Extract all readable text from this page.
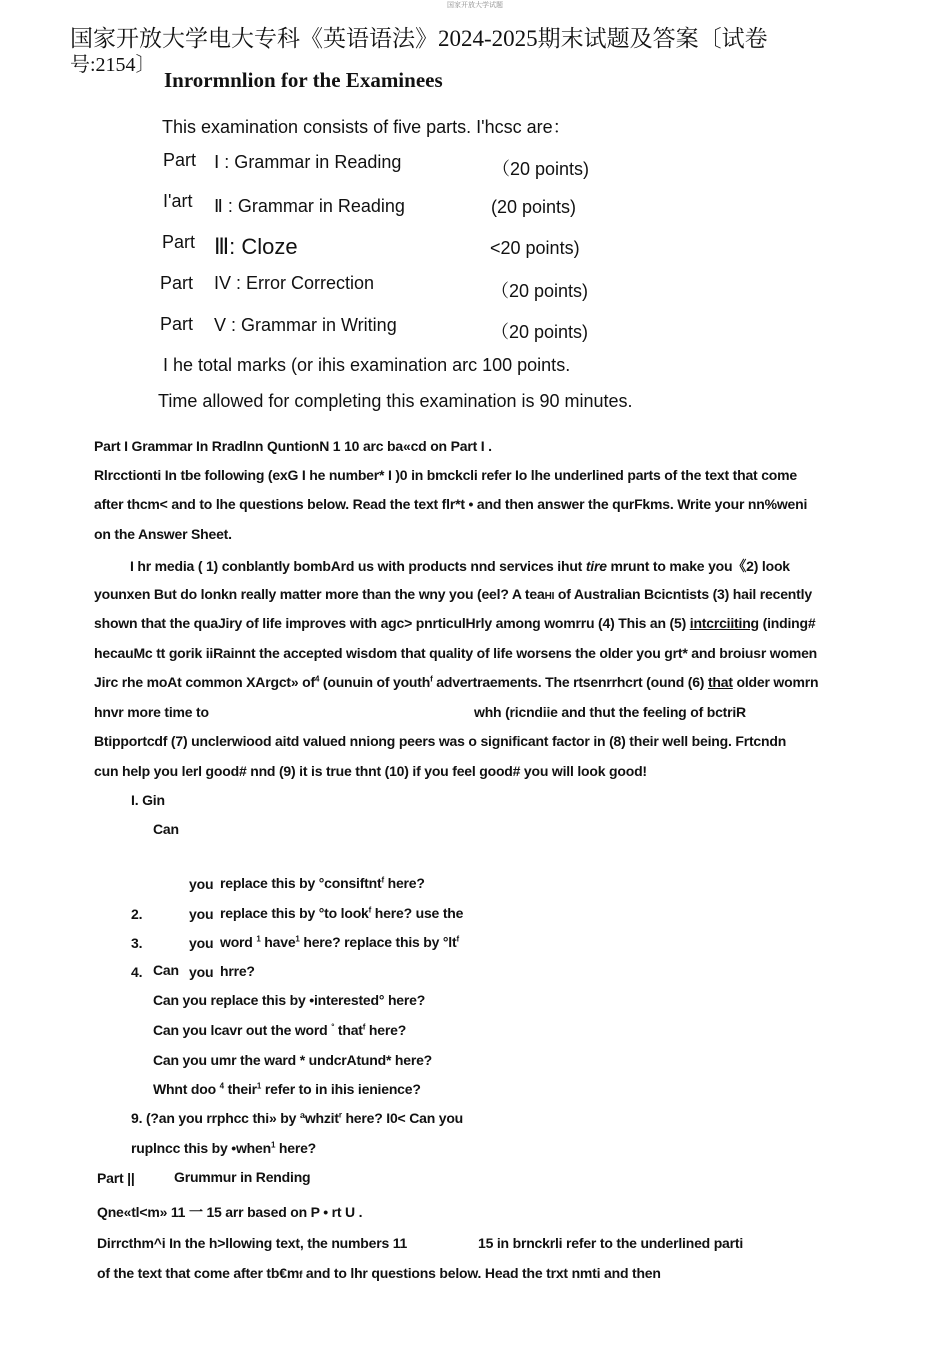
国家开放大学试题
国家开放大学电大专科《英语语法》2024-2025期末试题及答案〔试卷
号:2154〕
Inrormnlion for the Examinees
This examination consists of five parts. I'hcsc are：
Part Ⅰ : Grammar in Reading	（20 points)
I'art Ⅱ : Grammar in Reading	(20 points)
Part Ⅲ: Cloze	<20 points)
Part IV : Error Correction	（20 points)
Part V : Grammar in Writing	（20 points)
I he total marks (or ihis examination arc 100 points.
Time allowed for completing this examination is 90 minutes.
Part I Grammar In Rradlnn QuntionN 1 10 arc ba«cd on Part I .
Rlrcctionti In tbe following (exG I he number* I )0 in bmckcli refer Io lhe underlined parts of the text that come
after thcm< and to lhe questions below. Read the text flr*t • and then answer the qurFkms. Write your nn%weni
on the Answer Sheet.
I hr media ( 1) conblantly bombArd us with products nnd services ihut tire mrunt to make you《2) look
younxen But do lonkn really matter more than the wny you (eel? A teaHI of Australian Bcicntists (3) hail recently
shown that the quaJiry of life improves with agc> pnrticulHrly among womrru (4) This an (5) intcrciiting (inding#
hecauMc tt gorik iiRainnt the accepted wisdom that quality of life worsens the older you grt* and broiusr women
Jirc rhe moAt common XArgct» $of^4$ (ounuin of youth$^f$ advertraements. The rtsenrrhcrt (ound (6) that older womrn
hnvr more time to	whh (ricndiie and thut the feeling of bctriR
Btipportcdf (7) unclerwiood aitd valued nniong peers was o significant factor in (8) their well being. Frtcndn
cun help you lerl good# nnd (9) it is true thnt (10) if you feel good# you will look good!
I. Gin
Can
you replace this by °consiftnt$^f$ here?
2.	you replace this by °to look$^f$ here? use the
3.	you word $^1$ have$^1$ here? replace this by $^\circ lt^f$
4. Can you hrre?
Can you replace this by •interested° here?
Can you lcavr out the word ° that$^f$ here?
Can you umr the ward * undcrAtund* here?
Whnt doo $^4$ their$^1$ refer to in ihis ienience?
9. (?an you rrphcc thi» by ªwhzit$^r$ here? I0< Can you
ruplncc this by •when$^1$ here?
Part ||	Grummur in Rending
Qne«tl<m» 11 一 15 arr based on P • rt U .
Dirrcthm^i In the h>llowing text, the numbers 11	15 in brnckrli refer to the underlined parti
of the text that come after tb€mf and to lhr questions below. Head the trxt nmti and then
